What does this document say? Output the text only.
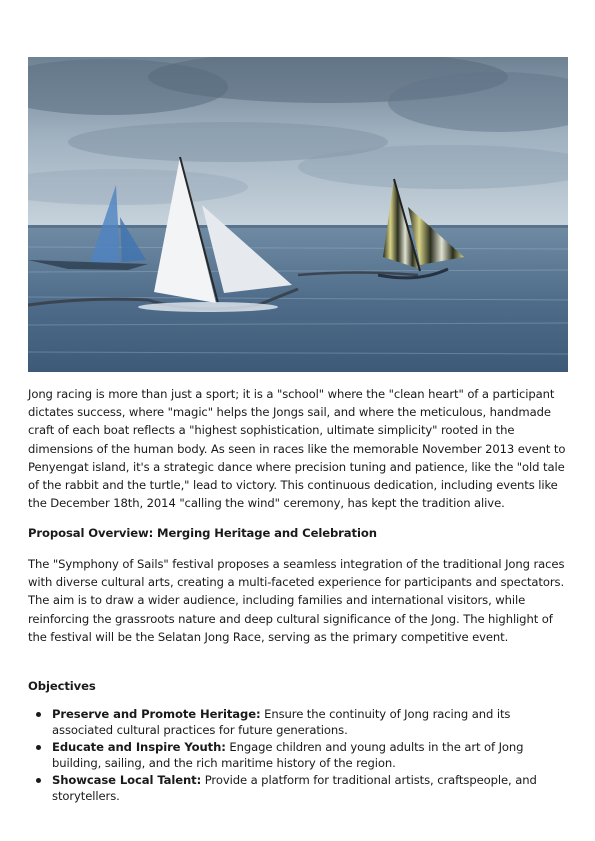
Jong racing is more than just a sport; it is a "school" where the "clean heart" of a participant dictates success, where "magic" helps the Jongs sail, and where the meticulous, handmade craft of each boat reflects a "highest sophistication, ultimate simplicity" rooted in the dimensions of the human body. As seen in races like the memorable November 2013 event to Penyengat island, it's a strategic dance where precision tuning and patience, like the "old tale of the rabbit and the turtle," lead to victory. This continuous dedication, including events like the December 18th, 2014 "calling the wind" ceremony, has kept the tradition alive.
Proposal Overview: Merging Heritage and Celebration
The "Symphony of Sails" festival proposes a seamless integration of the traditional Jong races with diverse cultural arts, creating a multi-faceted experience for participants and spectators. The aim is to draw a wider audience, including families and international visitors, while reinforcing the grassroots nature and deep cultural significance of the Jong. The highlight of the festival will be the Selatan Jong Race, serving as the primary competitive event.
Objectives
Preserve and Promote Heritage: Ensure the continuity of Jong racing and its associated cultural practices for future generations.
Educate and Inspire Youth: Engage children and young adults in the art of Jong building, sailing, and the rich maritime history of the region.
Showcase Local Talent: Provide a platform for traditional artists, craftspeople, and storytellers.
